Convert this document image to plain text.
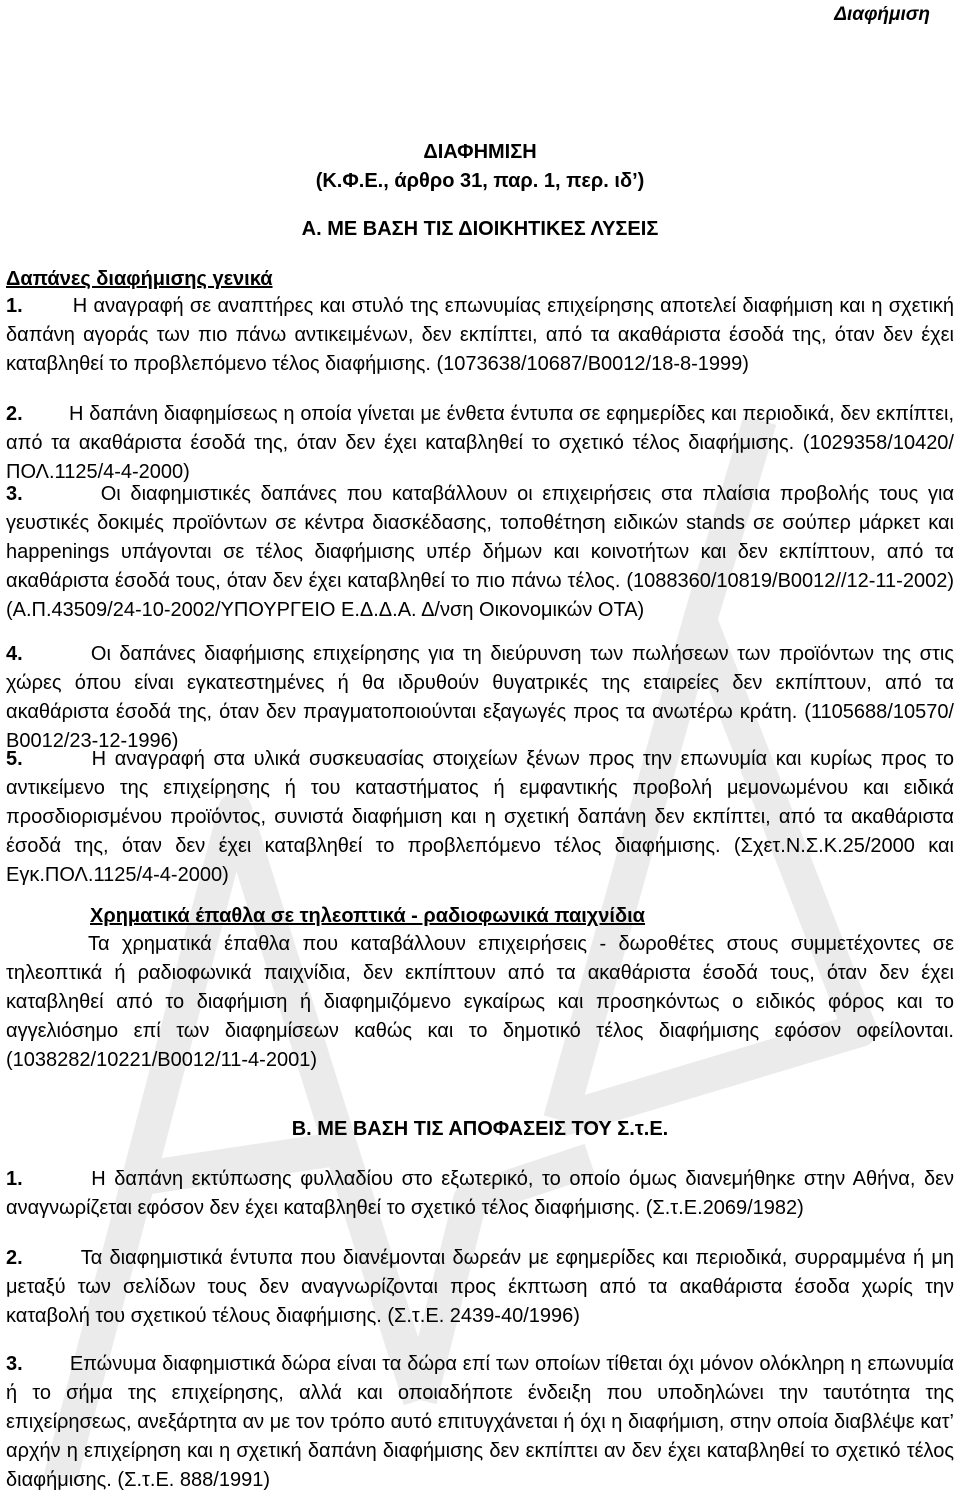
Διαφήμιση
ΔΙΑΦΗΜΙΣΗ
(Κ.Φ.Ε., άρθρο 31, παρ. 1, περ. ιδ’)
Α. ΜΕ ΒΑΣΗ ΤΙΣ ΔΙΟΙΚΗΤΙΚΕΣ ΛΥΣΕΙΣ
Δαπάνες διαφήμισης γενικά

1.	Η αναγραφή σε αναπτήρες και στυλό της επωνυμίας επιχείρησης αποτελεί διαφήμιση και η σχετική δαπάνη αγοράς των πιο πάνω αντικειμένων, δεν εκπίπτει, από τα ακαθάριστα έσοδά της, όταν δεν έχει καταβληθεί το προβλεπόμενο τέλος διαφήμισης. (1073638/10687/Β0012/18-8-1999)

2. Η δαπάνη διαφημίσεως η οποία γίνεται με ένθετα έντυπα σε εφημερίδες και περιοδικά, δεν εκπίπτει, από τα ακαθάριστα έσοδά της, όταν δεν έχει καταβληθεί το σχετικό τέλος διαφήμισης. (1029358/10420/ΠΟΛ.1125/4-4-2000)

3.	Οι διαφημιστικές δαπάνες που καταβάλλουν οι επιχειρήσεις στα πλαίσια προβολής τους για γευστικές δοκιμές προϊόντων σε κέντρα διασκέδασης, τοποθέτηση ειδικών stands σε σούπερ μάρκετ και happenings υπάγονται σε τέλος διαφήμισης υπέρ δήμων και κοινοτήτων και δεν εκπίπτουν, από τα ακαθάριστα έσοδά τους, όταν δεν έχει καταβληθεί το πιο πάνω τέλος. (1088360/10819/Β0012//12-11-2002) (Α.Π.43509/24-10-2002/ΥΠΟΥΡΓΕΙΟ Ε.Δ.Δ.Α. Δ/νση Οικονομικών ΟΤΑ)

4.	Οι δαπάνες διαφήμισης επιχείρησης για τη διεύρυνση των πωλήσεων των προϊόντων της στις χώρες όπου είναι εγκατεστημένες ή θα ιδρυθούν θυγατρικές της εταιρείες δεν εκπίπτουν, από τα ακαθάριστα έσοδά της, όταν δεν πραγματοποιούνται εξαγωγές προς τα ανωτέρω κράτη. (1105688/10570/Β0012/23-12-1996)

5.	Η αναγραφή στα υλικά συσκευασίας στοιχείων ξένων προς την επωνυμία και κυρίως προς το αντικείμενο της επιχείρησης ή του καταστήματος ή εμφαντικής προβολή μεμονωμένου και ειδικά προσδιορισμένου προϊόντος, συνιστά διαφήμιση και η σχετική δαπάνη δεν εκπίπτει, από τα ακαθάριστα έσοδά της, όταν δεν έχει καταβληθεί το προβλεπόμενο τέλος διαφήμισης. (Σχετ.Ν.Σ.Κ.25/2000 και Εγκ.ΠΟΛ.1125/4-4-2000)

Χρηματικά έπαθλα σε τηλεοπτικά - ραδιοφωνικά παιχνίδια

Τα χρηματικά έπαθλα που καταβάλλουν επιχειρήσεις - δωροθέτες στους συμμετέχοντες σε τηλεοπτικά ή ραδιοφωνικά παιχνίδια, δεν εκπίπτουν από τα ακαθάριστα έσοδά τους, όταν δεν έχει καταβληθεί από το διαφήμιση ή διαφημιζόμενο εγκαίρως και προσηκόντως ο ειδικός φόρος και το αγγελιόσημο επί των διαφημίσεων καθώς και το δημοτικό τέλος διαφήμισης εφόσον οφείλονται. (1038282/10221/Β0012/11-4-2001)

Β. ΜΕ ΒΑΣΗ ΤΙΣ ΑΠΟΦΑΣΕΙΣ ΤΟΥ Σ.τ.Ε.

1.	Η δαπάνη εκτύπωσης φυλλαδίου στο εξωτερικό, το οποίο όμως διανεμήθηκε στην Αθήνα, δεν αναγνωρίζεται εφόσον δεν έχει καταβληθεί το σχετικό τέλος διαφήμισης. (Σ.τ.Ε.2069/1982)

2.	Τα διαφημιστικά έντυπα που διανέμονται δωρεάν με εφημερίδες και περιοδικά, συρραμμένα ή μη μεταξύ των σελίδων τους δεν αναγνωρίζονται προς έκπτωση από τα ακαθάριστα έσοδα χωρίς την καταβολή του σχετικού τέλους διαφήμισης. (Σ.τ.Ε. 2439-40/1996)

3. Επώνυμα διαφημιστικά δώρα είναι τα δώρα επί των οποίων τίθεται όχι μόνον ολόκληρη η επωνυμία ή το σήμα της επιχείρησης, αλλά και οποιαδήποτε ένδειξη που υποδηλώνει την ταυτότητα της επιχείρησεως, ανεξάρτητα αν με τον τρόπο αυτό επιτυγχάνεται ή όχι η διαφήμιση, στην οποία διαβλέψε κατ’ αρχήν η επιχείρηση και η σχετική δαπάνη διαφήμισης δεν εκπίπτει αν δεν έχει καταβληθεί το σχετικό τέλος διαφήμισης. (Σ.τ.Ε. 888/1991)
